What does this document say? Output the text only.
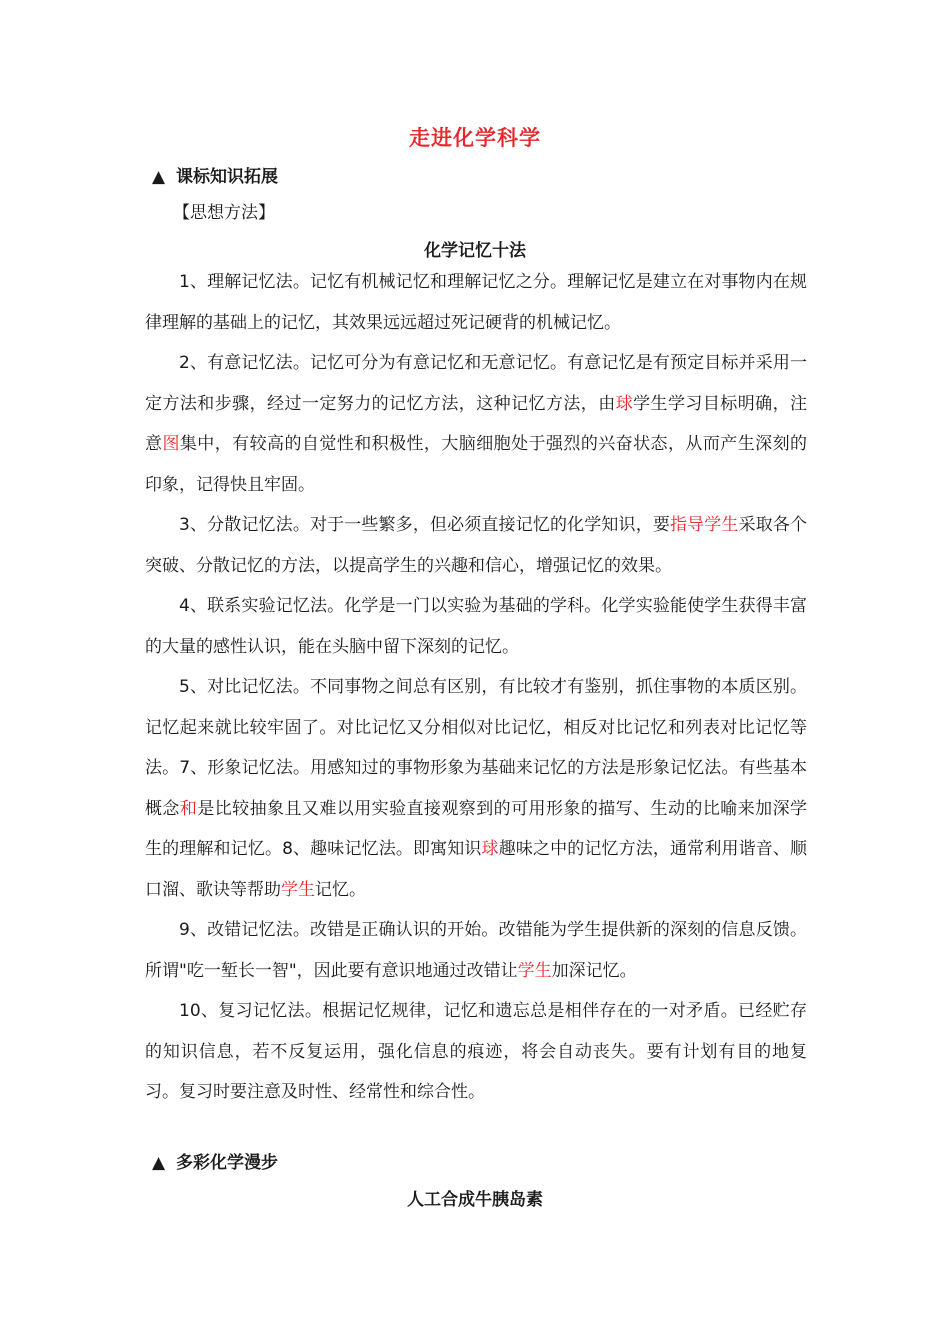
走进化学科学
▲ 课标知识拓展
【思想方法】
化学记忆十法

1、理解记忆法。记忆有机械记忆和理解记忆之分。理解记忆是建立在对事物内在规律理解的基础上的记忆，其效果远远超过死记硬背的机械记忆。

2、有意记忆法。记忆可分为有意记忆和无意记忆。有意记忆是有预定目标并采用一定方法和步骤，经过一定努力的记忆方法，这种记忆方法，由球学生学习目标明确，注意图集中，有较高的自觉性和积极性，大脑细胞处于强烈的兴奋状态，从而产生深刻的印象，记得快且牢固。

3、分散记忆法。对于一些繁多，但必须直接记忆的化学知识，要指导学生采取各个突破、分散记忆的方法，以提高学生的兴趣和信心，增强记忆的效果。

4、联系实验记忆法。化学是一门以实验为基础的学科。化学实验能使学生获得丰富的大量的感性认识，能在头脑中留下深刻的记忆。

5、对比记忆法。不同事物之间总有区别，有比较才有鉴别，抓住事物的本质区别。记忆起来就比较牢固了。对比记忆又分相似对比记忆，相反对比记忆和列表对比记忆等法。7、形象记忆法。用感知过的事物形象为基础来记忆的方法是形象记忆法。有些基本概念和是比较抽象且又难以用实验直接观察到的可用形象的描写、生动的比喻来加深学生的理解和记忆。8、趣味记忆法。即寓知识球趣味之中的记忆方法，通常利用谐音、顺口溜、歌诀等帮助学生记忆。

9、改错记忆法。改错是正确认识的开始。改错能为学生提供新的深刻的信息反馈。所谓"吃一堑长一智"，因此要有意识地通过改错让学生加深记忆。

10、复习记忆法。根据记忆规律，记忆和遗忘总是相伴存在的一对矛盾。已经贮存的知识信息，若不反复运用，强化信息的痕迹，将会自动丧失。要有计划有目的地复习。复习时要注意及时性、经常性和综合性。

▲ 多彩化学漫步
人工合成牛胰岛素
